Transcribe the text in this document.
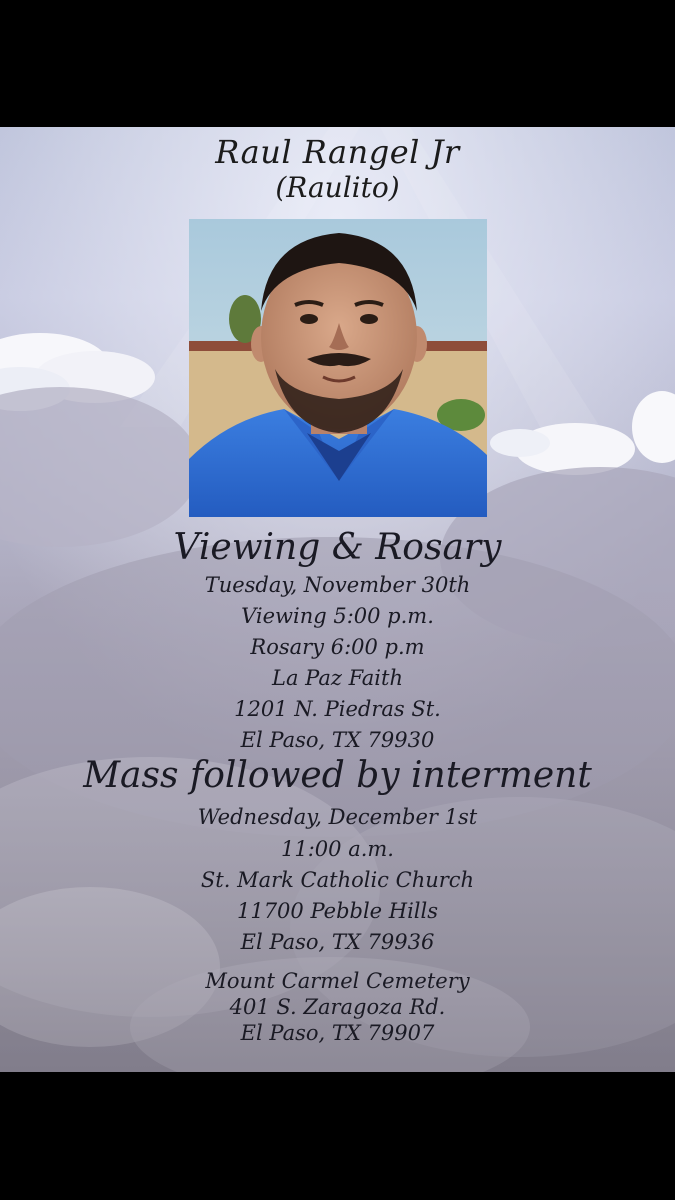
Raul Rangel Jr

(Raulito)

Viewing & Rosary

Tuesday, November 30th

Viewing 5:00 p.m.

Rosary 6:00 p.m

La Paz Faith

1201 N. Piedras St.

El Paso, TX 79930

Mass followed by interment

Wednesday, December 1st

11:00 a.m.

St. Mark Catholic Church

11700 Pebble Hills

El Paso, TX 79936

Mount Carmel Cemetery

401 S. Zaragoza Rd.

El Paso, TX 79907
